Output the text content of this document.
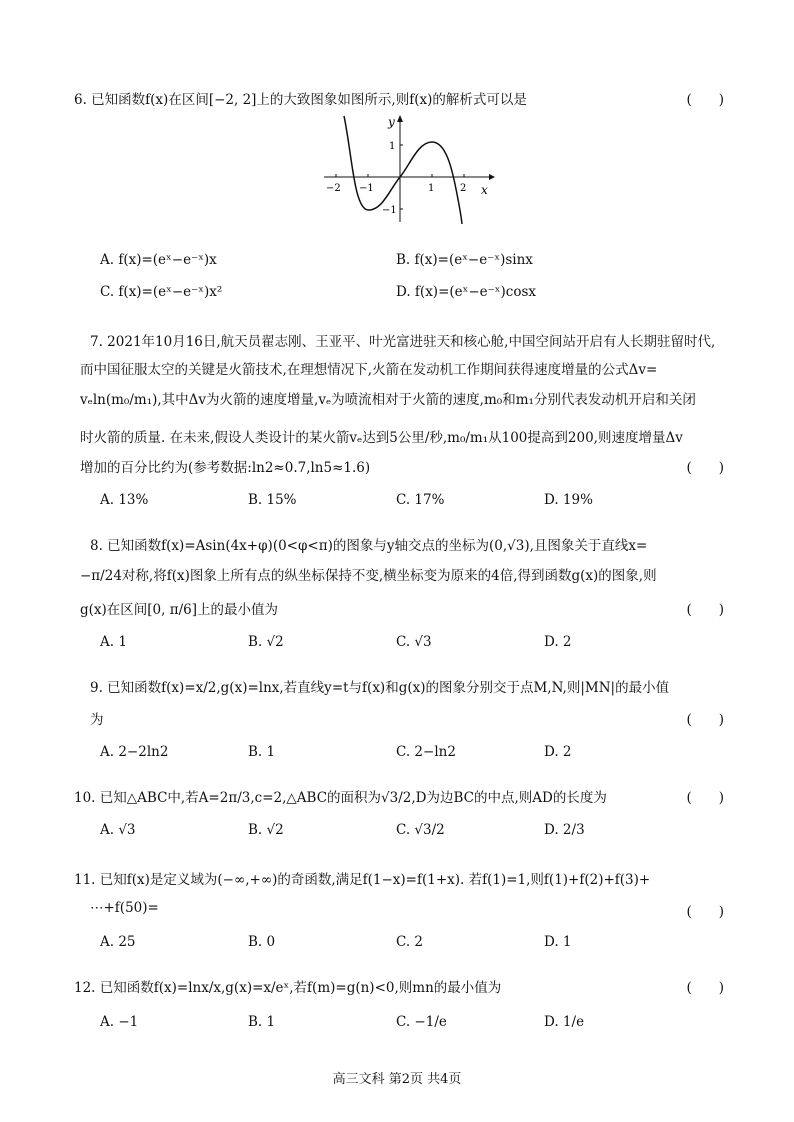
6. 已知函数f(x)在区间[−2, 2]上的大致图象如图所示,则f(x)的解析式可以是	(　　)
y
x
−2 −1	1	2
1
−1
A. f(x)=(eˣ−e⁻ˣ)x	B. f(x)=(eˣ−e⁻ˣ)sinx
C. f(x)=(eˣ−e⁻ˣ)x²	D. f(x)=(eˣ−e⁻ˣ)cosx
7. 2021年10月16日,航天员翟志刚、王亚平、叶光富进驻天和核心舱,中国空间站开启有人长期驻留时代,
而中国征服太空的关键是火箭技术,在理想情况下,火箭在发动机工作期间获得速度增量的公式Δv=
vₑln(m₀/m₁),其中Δv为火箭的速度增量,vₑ为喷流相对于火箭的速度,m₀和m₁分别代表发动机开启和关闭
时火箭的质量. 在未来,假设人类设计的某火箭vₑ达到5公里/秒,m₀/m₁从100提高到200,则速度增量Δv
增加的百分比约为(参考数据:ln2≈0.7,ln5≈1.6)	(　　)
A. 13%	B. 15%	C. 17%	D. 19%
8. 已知函数f(x)=Asin(4x+φ)(0<φ<π)的图象与y轴交点的坐标为(0,√3),且图象关于直线x=
−π/24对称,将f(x)图象上所有点的纵坐标保持不变,横坐标变为原来的4倍,得到函数g(x)的图象,则
g(x)在区间[0, π/6]上的最小值为	(　　)
A. 1	B. √2	C. √3	D. 2
9. 已知函数f(x)=x/2,g(x)=lnx,若直线y=t与f(x)和g(x)的图象分别交于点M,N,则|MN|的最小值
为	(　　)
A. 2−2ln2	B. 1	C. 2−ln2	D. 2
10. 已知△ABC中,若A=2π/3,c=2,△ABC的面积为√3/2,D为边BC的中点,则AD的长度为	(　　)
A. √3	B. √2	C. √3/2	D. 2/3
11. 已知f(x)是定义域为(−∞,+∞)的奇函数,满足f(1−x)=f(1+x). 若f(1)=1,则f(1)+f(2)+f(3)+
⋯+f(50)=	(　　)
A. 25	B. 0	C. 2	D. 1
12. 已知函数f(x)=lnx/x,g(x)=x/eˣ,若f(m)=g(n)<0,则mn的最小值为	(　　)
A. −1	B. 1	C. −1/e	D. 1/e
高三文科 第2页 共4页
